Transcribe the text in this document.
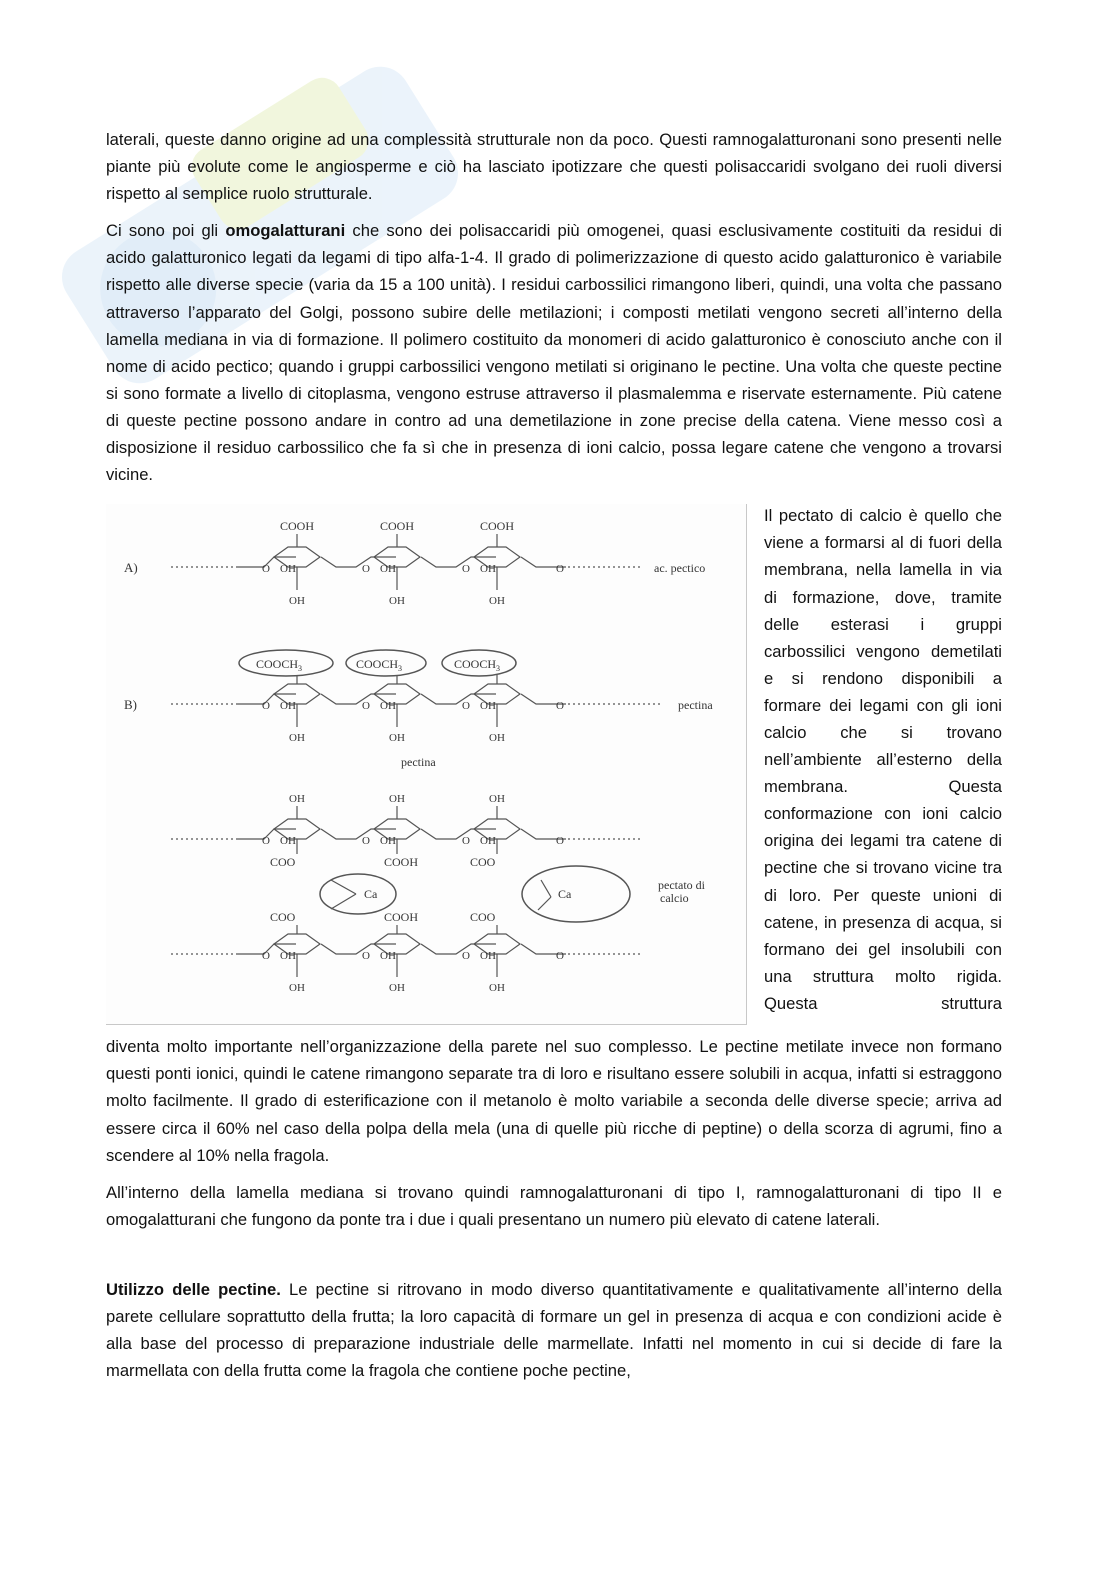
laterali, queste danno origine ad una complessità strutturale non da poco. Questi ramnogalatturonani sono presenti nelle piante più evolute come le angiosperme e ciò ha lasciato ipotizzare che questi polisaccaridi svolgano dei ruoli diversi rispetto al semplice ruolo strutturale.

Ci sono poi gli omogalatturani che sono dei polisaccaridi più omogenei, quasi esclusivamente costituiti da residui di acido galatturonico legati da legami di tipo alfa-1-4. Il grado di polimerizzazione di questo acido galatturonico è variabile rispetto alle diverse specie (varia da 15 a 100 unità). I residui carbossilici rimangono liberi, quindi, una volta che passano attraverso l’apparato del Golgi, possono subire delle metilazioni; i composti metilati vengono secreti all’interno della lamella mediana in via di formazione. Il polimero costituito da monomeri di acido galatturonico è conosciuto anche con il nome di acido pectico; quando i gruppi carbossilici vengono metilati si originano le pectine. Una volta che queste pectine si sono formate a livello di citoplasma, vengono estruse attraverso il plasmalemma e riservate esternamente. Più catene di queste pectine possono andare in contro ad una demetilazione in zone precise della catena. Viene messo così a disposizione il residuo carbossilico che fa sì che in presenza di ioni calcio, possa legare catene che vengono a trovarsi vicine.

A)
COOH	COOH	COOH
OH	OH	OH
O	O	O	O
OH	OH	OH
ac. pectico
B)
$COOCH_3$	$COOCH_3$	$COOCH_3$
OH	OH	OH
O	O	O	O
OH	OH	OH
pectina
pectina
OH	OH	OH
OH	OH	OH
O	O	O	O
COO	COOH	COO
Ca	Ca
pectato di
calcio
COO	COOH	COO
OH	OH	OH
O	O	O	O
OH	OH	OH
Il pectato di calcio è quello che viene a formarsi al di fuori della membrana, nella lamella in via di formazione, dove, tramite delle esterasi i gruppi carbossilici vengono demetilati e si rendono disponibili a formare dei legami con gli ioni calcio che si trovano nell’ambiente all’esterno della membrana. Questa conformazione con ioni calcio origina dei legami tra catene di pectine che si trovano vicine tra di loro. Per queste unioni di catene, in presenza di acqua, si formano dei gel insolubili con una struttura molto rigida. Questa struttura

diventa molto importante nell’organizzazione della parete nel suo complesso. Le pectine metilate invece non formano questi ponti ionici, quindi le catene rimangono separate tra di loro e risultano essere solubili in acqua, infatti si estraggono molto facilmente. Il grado di esterificazione con il metanolo è molto variabile a seconda delle diverse specie; arriva ad essere circa il 60% nel caso della polpa della mela (una di quelle più ricche di peptine) o della scorza di agrumi, fino a scendere al 10% nella fragola.

All’interno della lamella mediana si trovano quindi ramnogalatturonani di tipo I, ramnogalatturonani di tipo II e omogalatturani che fungono da ponte tra i due i quali presentano un numero più elevato di catene laterali.

Utilizzo delle pectine. Le pectine si ritrovano in modo diverso quantitativamente e qualitativamente all’interno della parete cellulare soprattutto della frutta; la loro capacità di formare un gel in presenza di acqua e con condizioni acide è alla base del processo di preparazione industriale delle marmellate. Infatti nel momento in cui si decide di fare la marmellata con della frutta come la fragola che contiene poche pectine,
